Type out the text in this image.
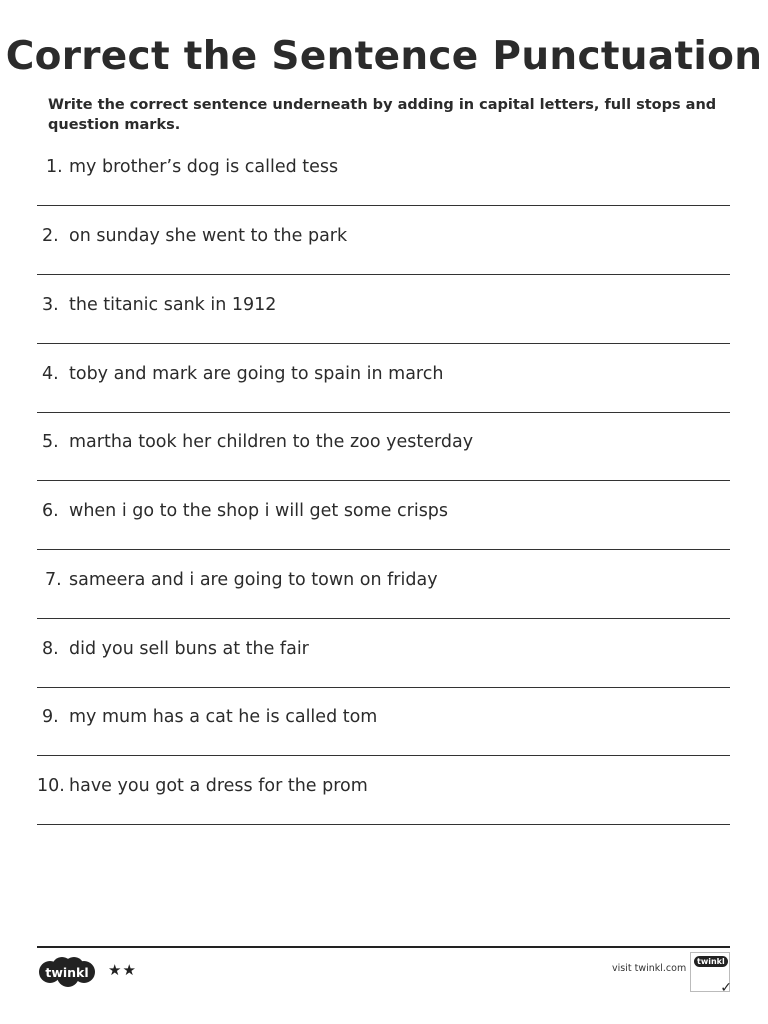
Correct the Sentence Punctuation
Write the correct sentence underneath by adding in capital letters, full stops and question marks.
1. my brother’s dog is called tess
2. on sunday she went to the park
3. the titanic sank in 1912
4. toby and mark are going to spain in march
5. martha took her children to the zoo yesterday
6. when i go to the shop i will get some crisps
7. sameera and i are going to town on friday
8. did you sell buns at the fair
9. my mum has a cat he is called tom
10. have you got a dress for the prom
twinkl ★★	visit twinkl.com
twinkl
✓
